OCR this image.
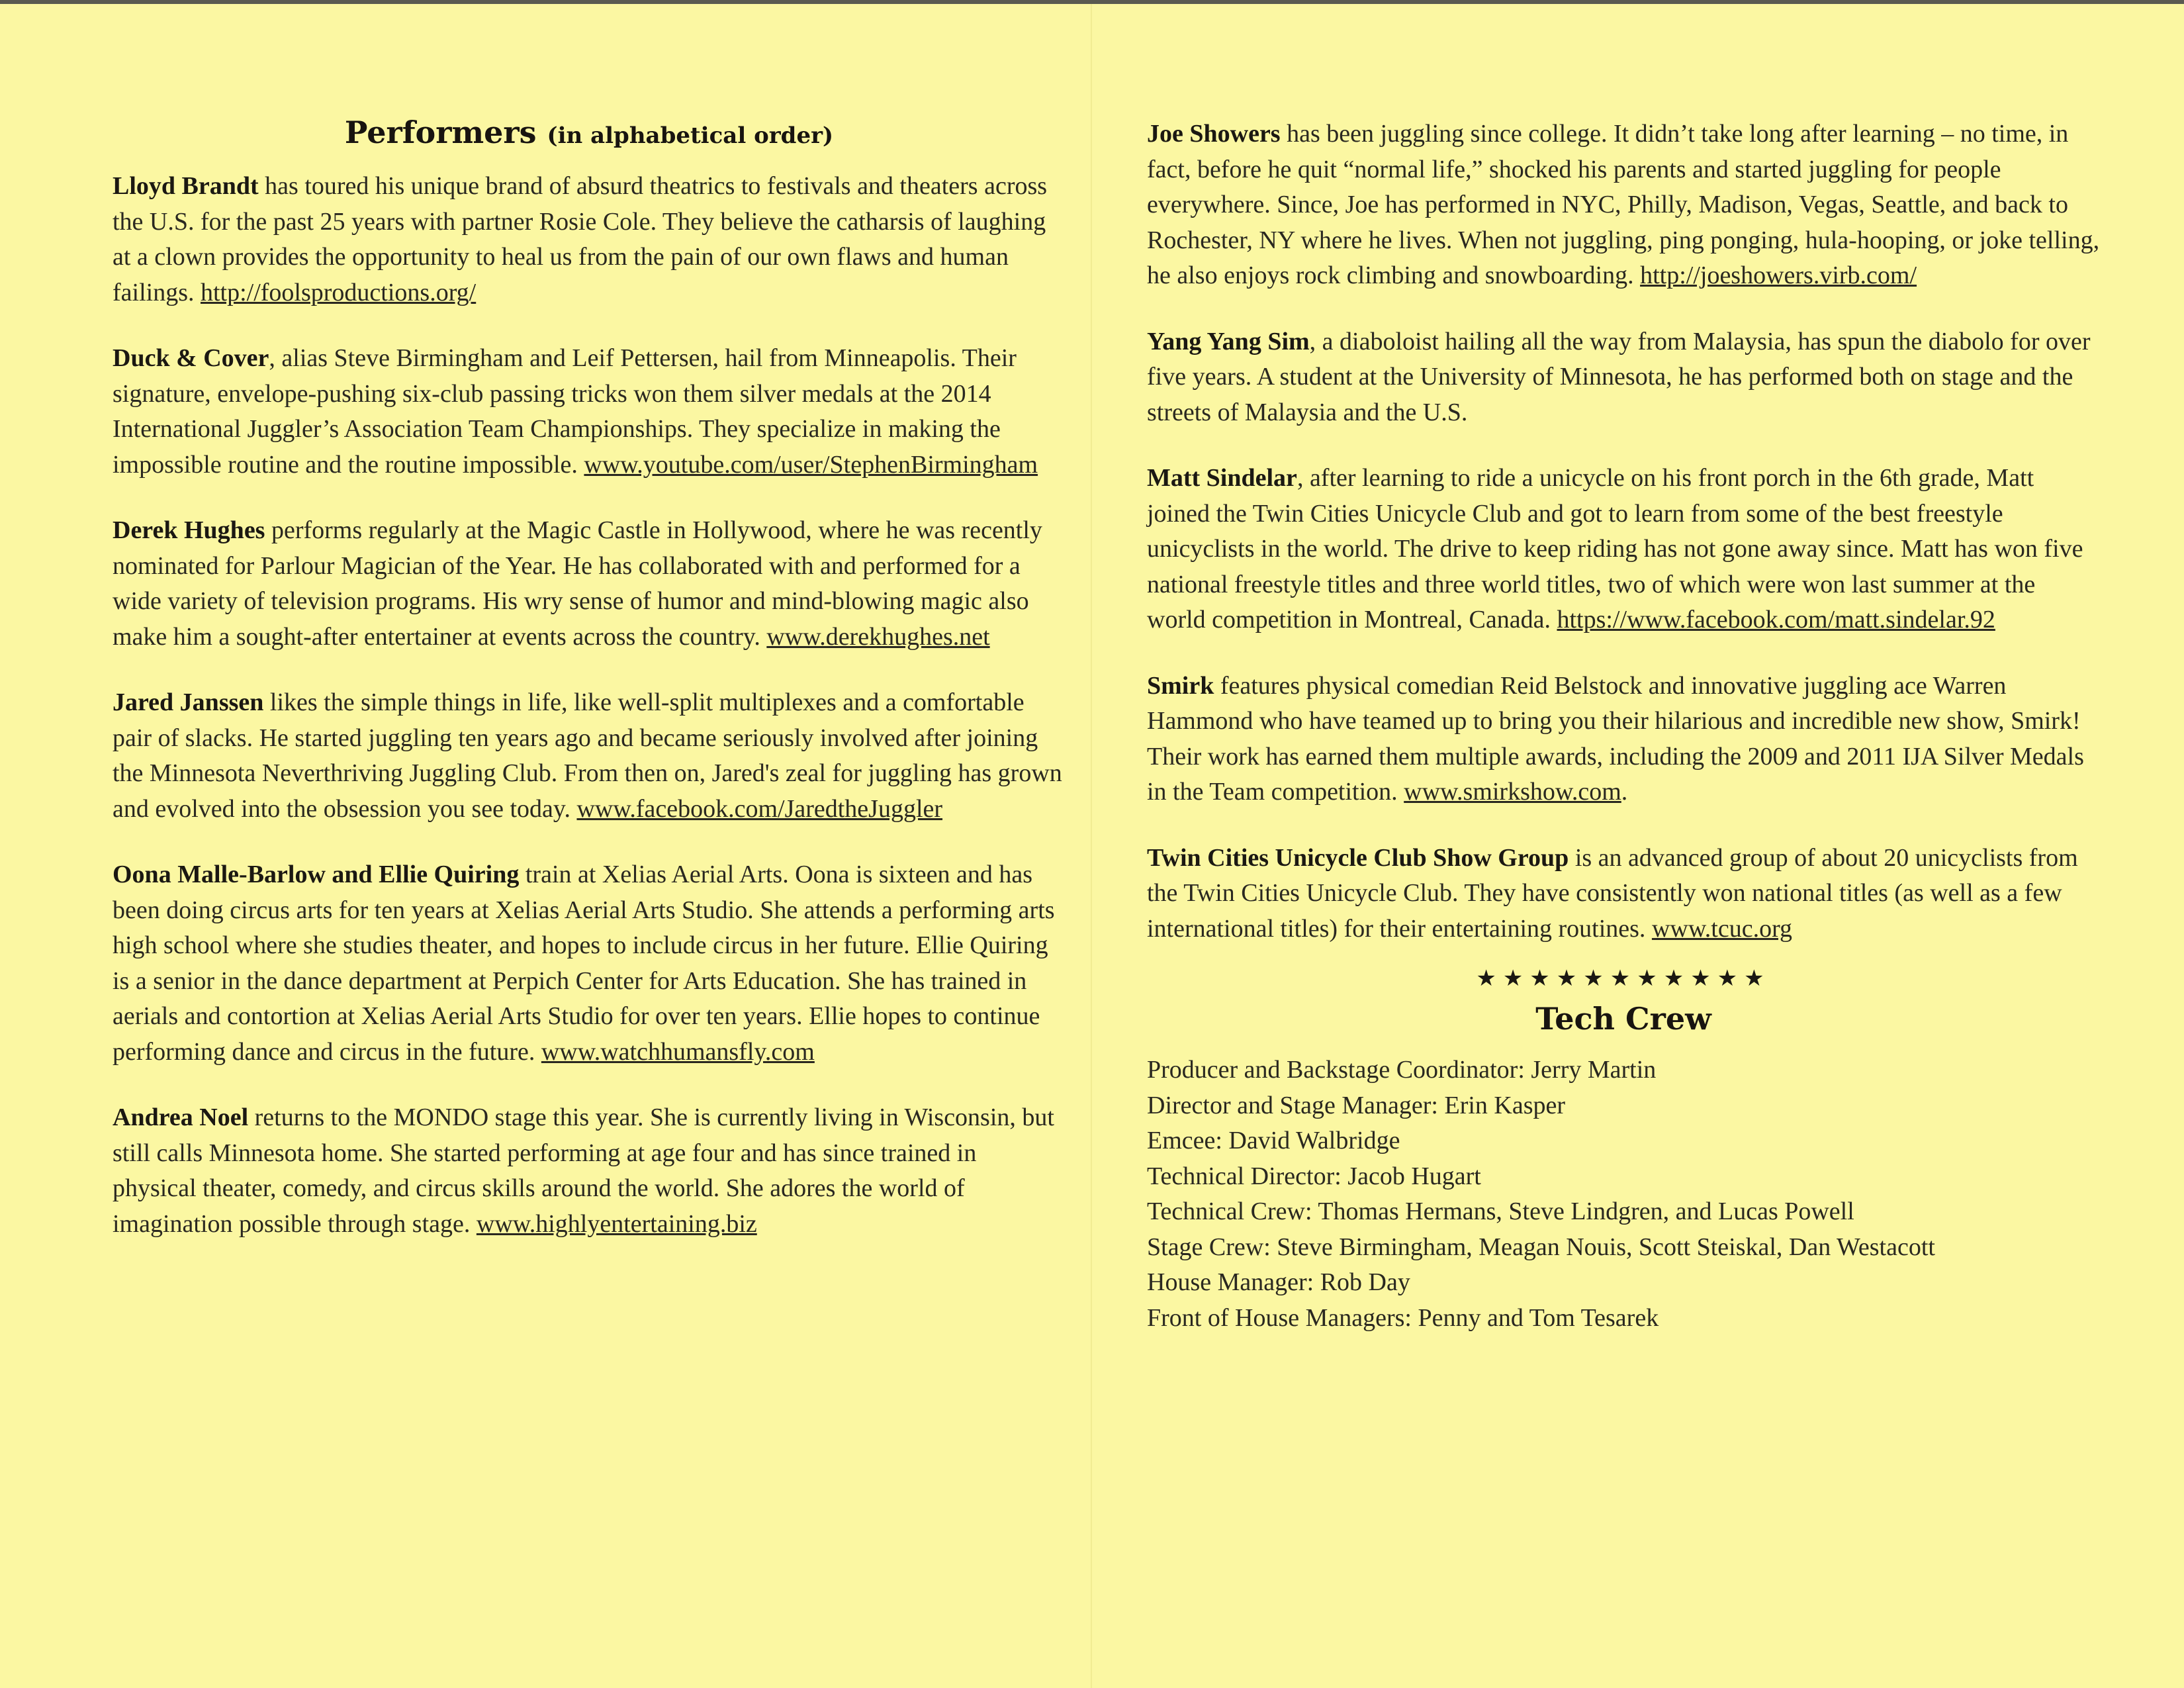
Performers (in alphabetical order)

Lloyd Brandt has toured his unique brand of absurd theatrics to festivals and theaters across the U.S. for the past 25 years with partner Rosie Cole. They believe the catharsis of laughing at a clown provides the opportunity to heal us from the pain of our own flaws and human failings. http://foolsproductions.org/

Duck & Cover, alias Steve Birmingham and Leif Pettersen, hail from Minneapolis. Their signature, envelope-pushing six-club passing tricks won them silver medals at the 2014 International Juggler’s Association Team Championships. They specialize in making the impossible routine and the routine impossible. www.youtube.com/user/StephenBirmingham

Derek Hughes performs regularly at the Magic Castle in Hollywood, where he was recently nominated for Parlour Magician of the Year. He has collaborated with and performed for a wide variety of television programs. His wry sense of humor and mind-blowing magic also make him a sought-after entertainer at events across the country. www.derekhughes.net

Jared Janssen likes the simple things in life, like well-split multiplexes and a comfortable pair of slacks. He started juggling ten years ago and became seriously involved after joining the Minnesota Neverthriving Juggling Club. From then on, Jared's zeal for juggling has grown and evolved into the obsession you see today. www.facebook.com/JaredtheJuggler

Oona Malle-Barlow and Ellie Quiring train at Xelias Aerial Arts. Oona is sixteen and has been doing circus arts for ten years at Xelias Aerial Arts Studio. She attends a performing arts high school where she studies theater, and hopes to include circus in her future. Ellie Quiring is a senior in the dance department at Perpich Center for Arts Education. She has trained in aerials and contortion at Xelias Aerial Arts Studio for over ten years. Ellie hopes to continue performing dance and circus in the future. www.watchhumansfly.com

Andrea Noel returns to the MONDO stage this year. She is currently living in Wisconsin, but still calls Minnesota home. She started performing at age four and has since trained in physical theater, comedy, and circus skills around the world. She adores the world of imagination possible through stage. www.highlyentertaining.biz

Joe Showers has been juggling since college. It didn’t take long after learning – no time, in fact, before he quit “normal life,” shocked his parents and started juggling for people everywhere. Since, Joe has performed in NYC, Philly, Madison, Vegas, Seattle, and back to Rochester, NY where he lives. When not juggling, ping ponging, hula-hooping, or joke telling, he also enjoys rock climbing and snowboarding. http://joeshowers.virb.com/

Yang Yang Sim, a diaboloist hailing all the way from Malaysia, has spun the diabolo for over five years. A student at the University of Minnesota, he has performed both on stage and the streets of Malaysia and the U.S.

Matt Sindelar, after learning to ride a unicycle on his front porch in the 6th grade, Matt joined the Twin Cities Unicycle Club and got to learn from some of the best freestyle unicyclists in the world. The drive to keep riding has not gone away since. Matt has won five national freestyle titles and three world titles, two of which were won last summer at the world competition in Montreal, Canada. https://www.facebook.com/matt.sindelar.92

Smirk features physical comedian Reid Belstock and innovative juggling ace Warren Hammond who have teamed up to bring you their hilarious and incredible new show, Smirk! Their work has earned them multiple awards, including the 2009 and 2011 IJA Silver Medals in the Team competition. www.smirkshow.com.

Twin Cities Unicycle Club Show Group is an advanced group of about 20 unicyclists from the Twin Cities Unicycle Club. They have consistently won national titles (as well as a few international titles) for their entertaining routines. www.tcuc.org

★★★★★★★★★★★
Tech Crew
Producer and Backstage Coordinator: Jerry Martin
Director and Stage Manager: Erin Kasper
Emcee: David Walbridge
Technical Director: Jacob Hugart
Technical Crew: Thomas Hermans, Steve Lindgren, and Lucas Powell
Stage Crew: Steve Birmingham, Meagan Nouis, Scott Steiskal, Dan Westacott
House Manager: Rob Day
Front of House Managers: Penny and Tom Tesarek
